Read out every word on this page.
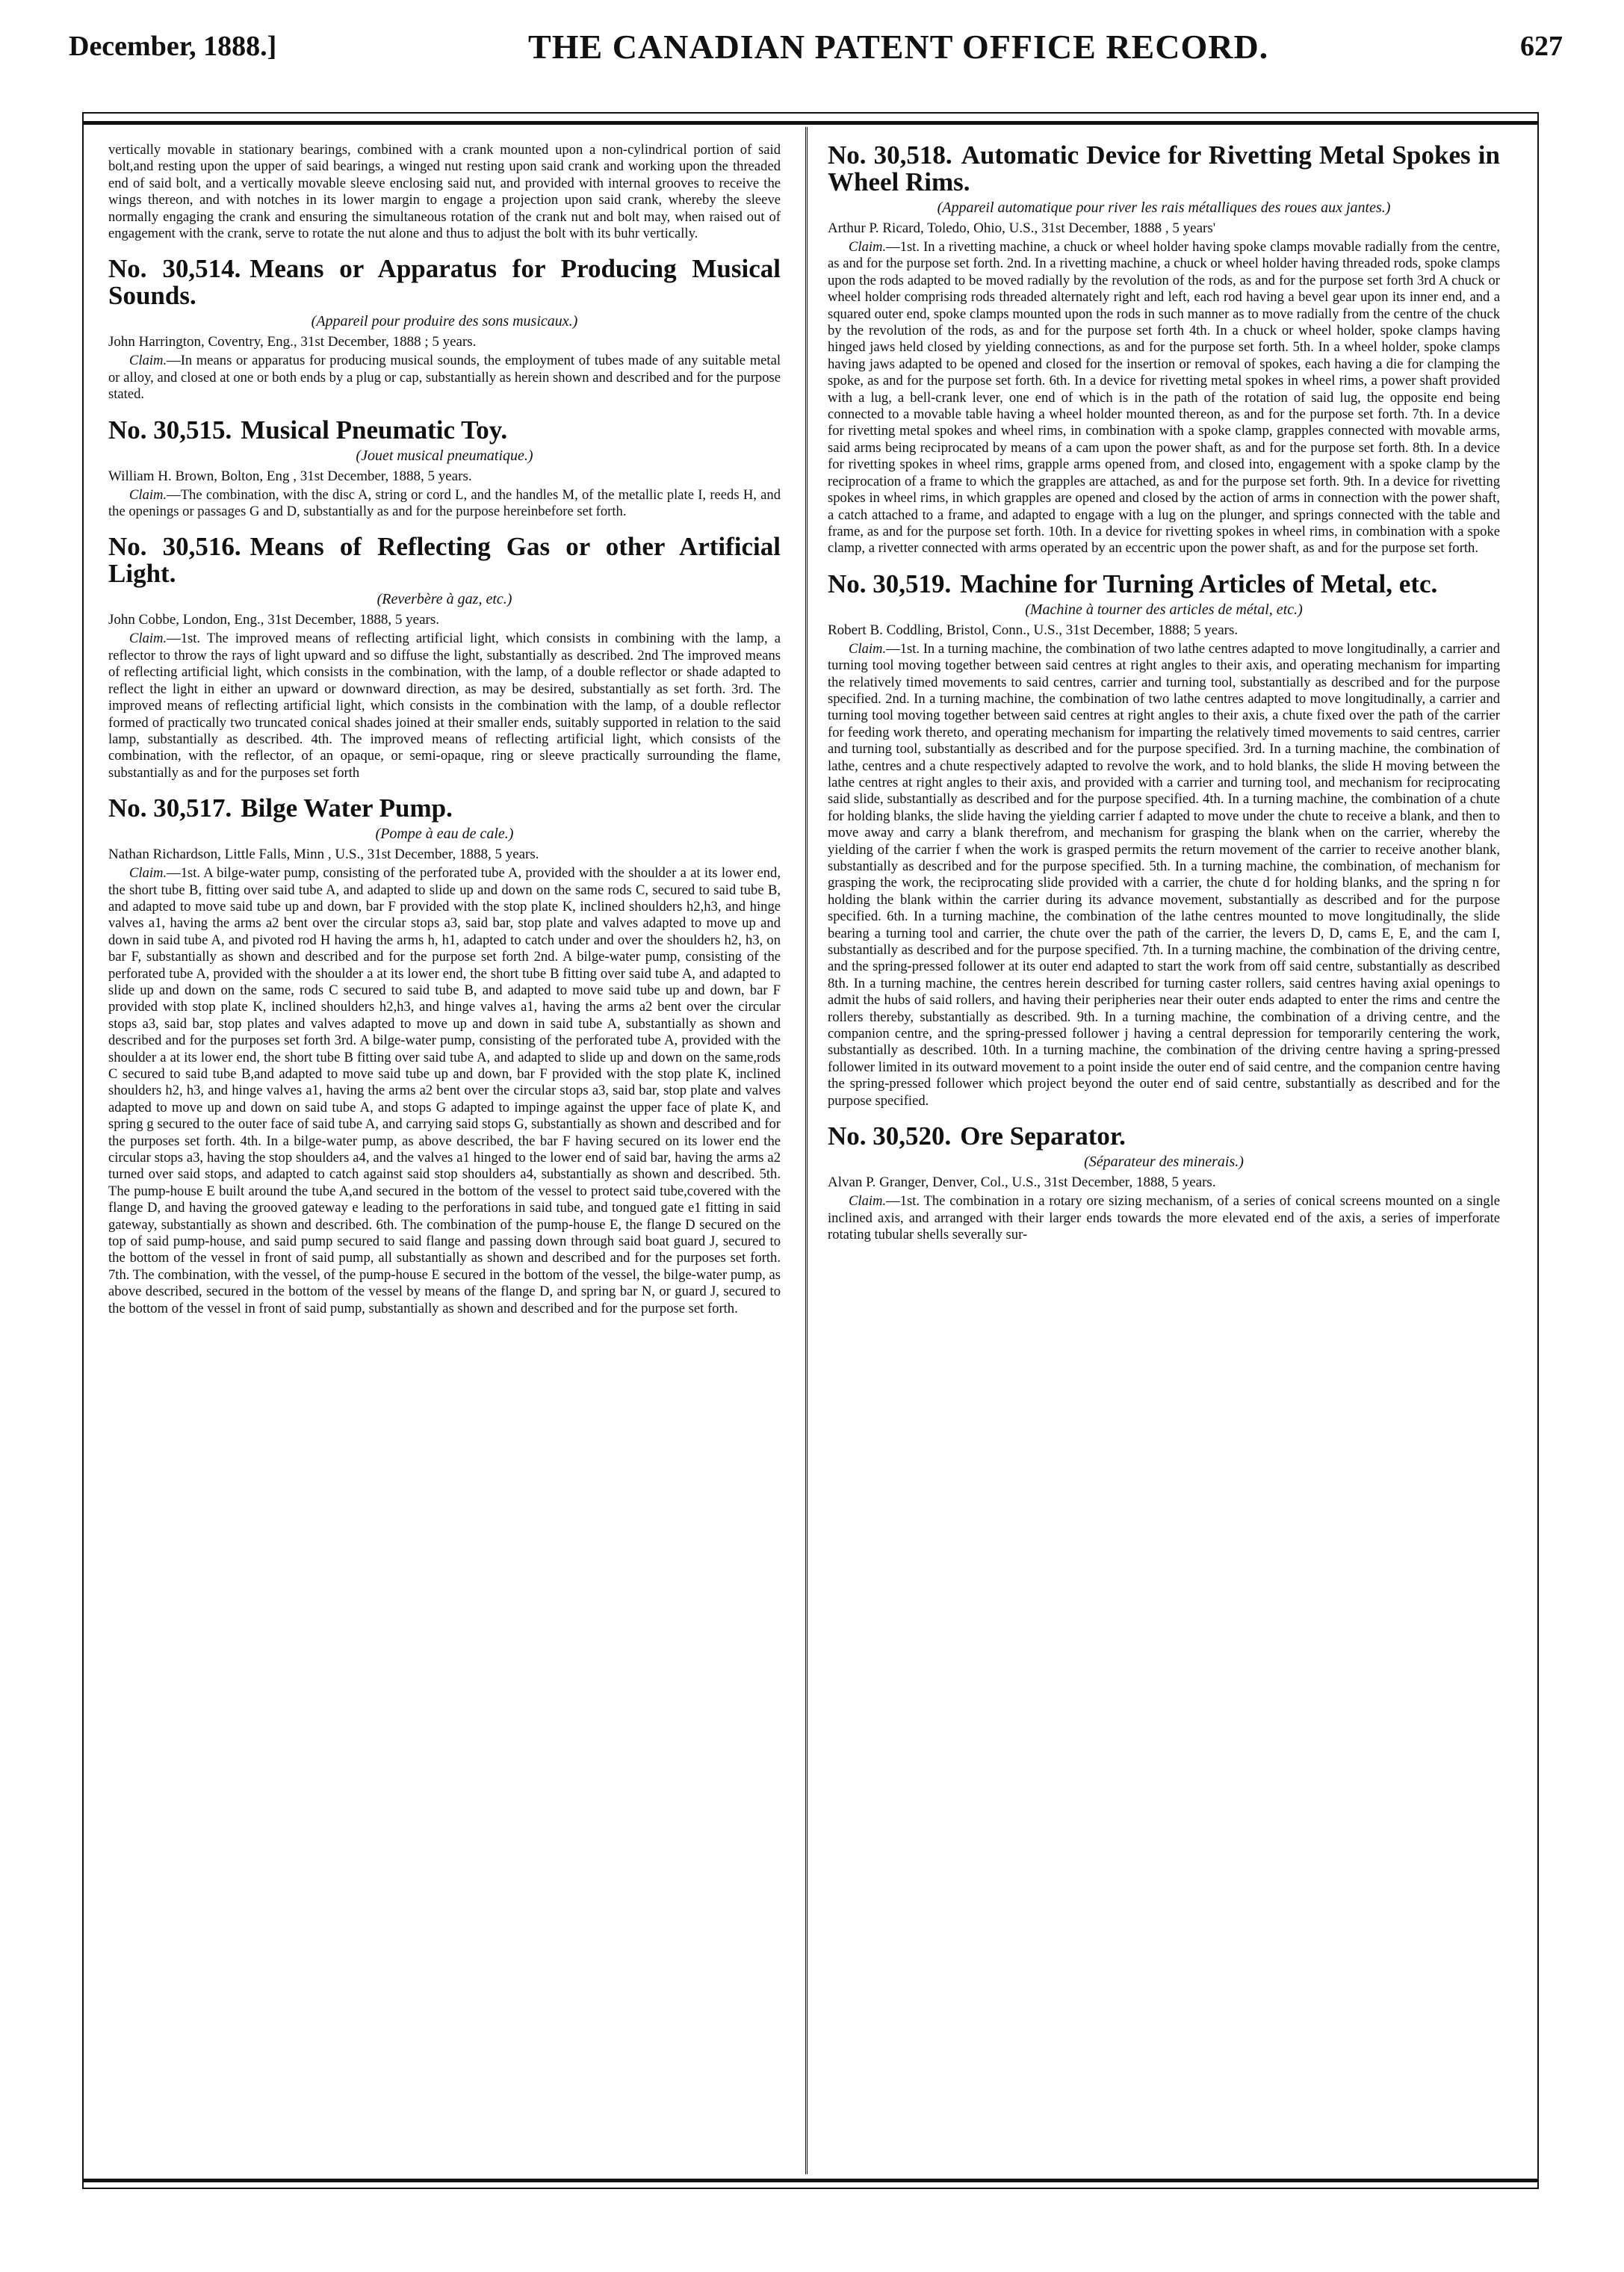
December, 1888.]	THE CANADIAN PATENT OFFICE RECORD.	627

vertically movable in stationary bearings, combined with a crank mounted upon a non-cylindrical portion of said bolt,and resting upon the upper of said bearings, a winged nut resting upon said crank and working upon the threaded end of said bolt, and a vertically movable sleeve enclosing said nut, and provided with internal grooves to receive the wings thereon, and with notches in its lower margin to engage a projection upon said crank, whereby the sleeve normally engaging the crank and ensuring the simultaneous rotation of the crank nut and bolt may, when raised out of engagement with the crank, serve to rotate the nut alone and thus to adjust the bolt with its buhr vertically.

No. 30,514. Means or Apparatus for Producing Musical Sounds.
(Appareil pour produire des sons musicaux.)
John Harrington, Coventry, Eng., 31st December, 1888 ; 5 years.

Claim.—In means or apparatus for producing musical sounds, the employment of tubes made of any suitable metal or alloy, and closed at one or both ends by a plug or cap, substantially as herein shown and described and for the purpose stated.

No. 30,515. Musical Pneumatic Toy.
(Jouet musical pneumatique.)
William H. Brown, Bolton, Eng , 31st December, 1888, 5 years.

Claim.—The combination, with the disc A, string or cord L, and the handles M, of the metallic plate I, reeds H, and the openings or passages G and D, substantially as and for the purpose hereinbefore set forth.

No. 30,516. Means of Reflecting Gas or other Artificial Light.
(Reverbère à gaz, etc.)
John Cobbe, London, Eng., 31st December, 1888, 5 years.

Claim.—1st. The improved means of reflecting artificial light, which consists in combining with the lamp, a reflector to throw the rays of light upward and so diffuse the light, substantially as described. 2nd The improved means of reflecting artificial light, which consists in the combination, with the lamp, of a double reflector or shade adapted to reflect the light in either an upward or downward direction, as may be desired, substantially as set forth. 3rd. The improved means of reflecting artificial light, which consists in the combination with the lamp, of a double reflector formed of practically two truncated conical shades joined at their smaller ends, suitably supported in relation to the said lamp, substantially as described. 4th. The improved means of reflecting artificial light, which consists of the combination, with the reflector, of an opaque, or semi-opaque, ring or sleeve practically surrounding the flame, substantially as and for the purposes set forth

No. 30,517. Bilge Water Pump.
(Pompe à eau de cale.)
Nathan Richardson, Little Falls, Minn , U.S., 31st December, 1888, 5 years.

Claim.—1st. A bilge-water pump, consisting of the perforated tube A, provided with the shoulder a at its lower end, the short tube B, fitting over said tube A, and adapted to slide up and down on the same rods C, secured to said tube B, and adapted to move said tube up and down, bar F provided with the stop plate K, inclined shoulders h2,h3, and hinge valves a1, having the arms a2 bent over the circular stops a3, said bar, stop plate and valves adapted to move up and down in said tube A, and pivoted rod H having the arms h, h1, adapted to catch under and over the shoulders h2, h3, on bar F, substantially as shown and described and for the purpose set forth 2nd. A bilge-water pump, consisting of the perforated tube A, provided with the shoulder a at its lower end, the short tube B fitting over said tube A, and adapted to slide up and down on the same, rods C secured to said tube B, and adapted to move said tube up and down, bar F provided with stop plate K, inclined shoulders h2,h3, and hinge valves a1, having the arms a2 bent over the circular stops a3, said bar, stop plates and valves adapted to move up and down in said tube A, substantially as shown and described and for the purposes set forth 3rd. A bilge-water pump, consisting of the perforated tube A, provided with the shoulder a at its lower end, the short tube B fitting over said tube A, and adapted to slide up and down on the same,rods C secured to said tube B,and adapted to move said tube up and down, bar F provided with the stop plate K, inclined shoulders h2, h3, and hinge valves a1, having the arms a2 bent over the circular stops a3, said bar, stop plate and valves adapted to move up and down on said tube A, and stops G adapted to impinge against the upper face of plate K, and spring g secured to the outer face of said tube A, and carrying said stops G, substantially as shown and described and for the purposes set forth. 4th. In a bilge-water pump, as above described, the bar F having secured on its lower end the circular stops a3, having the stop shoulders a4, and the valves a1 hinged to the lower end of said bar, having the arms a2 turned over said stops, and adapted to catch against said stop shoulders a4, substantially as shown and described. 5th. The pump-house E built around the tube A,and secured in the bottom of the vessel to protect said tube,covered with the flange D, and having the grooved gateway e leading to the perforations in said tube, and tongued gate e1 fitting in said gateway, substantially as shown and described. 6th. The combination of the pump-house E, the flange D secured on the top of said pump-house, and said pump secured to said flange and passing down through said boat guard J, secured to the bottom of the vessel in front of said pump, all substantially as shown and described and for the purposes set forth. 7th. The combination, with the vessel, of the pump-house E secured in the bottom of the vessel, the bilge-water pump, as above described, secured in the bottom of the vessel by means of the flange D, and spring bar N, or guard J, secured to the bottom of the vessel in front of said pump, substantially as shown and described and for the purpose set forth.

No. 30,518. Automatic Device for Rivetting Metal Spokes in Wheel Rims.
(Appareil automatique pour river les rais métalliques des roues aux jantes.)
Arthur P. Ricard, Toledo, Ohio, U.S., 31st December, 1888 , 5 years'

Claim.—1st. In a rivetting machine, a chuck or wheel holder having spoke clamps movable radially from the centre, as and for the purpose set forth. 2nd. In a rivetting machine, a chuck or wheel holder having threaded rods, spoke clamps upon the rods adapted to be moved radially by the revolution of the rods, as and for the purpose set forth 3rd A chuck or wheel holder comprising rods threaded alternately right and left, each rod having a bevel gear upon its inner end, and a squared outer end, spoke clamps mounted upon the rods in such manner as to move radially from the centre of the chuck by the revolution of the rods, as and for the purpose set forth 4th. In a chuck or wheel holder, spoke clamps having hinged jaws held closed by yielding connections, as and for the purpose set forth. 5th. In a wheel holder, spoke clamps having jaws adapted to be opened and closed for the insertion or removal of spokes, each having a die for clamping the spoke, as and for the purpose set forth. 6th. In a device for rivetting metal spokes in wheel rims, a power shaft provided with a lug, a bell-crank lever, one end of which is in the path of the rotation of said lug, the opposite end being connected to a movable table having a wheel holder mounted thereon, as and for the purpose set forth. 7th. In a device for rivetting metal spokes and wheel rims, in combination with a spoke clamp, grapples connected with movable arms, said arms being reciprocated by means of a cam upon the power shaft, as and for the purpose set forth. 8th. In a device for rivetting spokes in wheel rims, grapple arms opened from, and closed into, engagement with a spoke clamp by the reciprocation of a frame to which the grapples are attached, as and for the purpose set forth. 9th. In a device for rivetting spokes in wheel rims, in which grapples are opened and closed by the action of arms in connection with the power shaft, a catch attached to a frame, and adapted to engage with a lug on the plunger, and springs connected with the table and frame, as and for the purpose set forth. 10th. In a device for rivetting spokes in wheel rims, in combination with a spoke clamp, a rivetter connected with arms operated by an eccentric upon the power shaft, as and for the purpose set forth.

No. 30,519. Machine for Turning Articles of Metal, etc.
(Machine à tourner des articles de métal, etc.)
Robert B. Coddling, Bristol, Conn., U.S., 31st December, 1888; 5 years.

Claim.—1st. In a turning machine, the combination of two lathe centres adapted to move longitudinally, a carrier and turning tool moving together between said centres at right angles to their axis, and operating mechanism for imparting the relatively timed movements to said centres, carrier and turning tool, substantially as described and for the purpose specified. 2nd. In a turning machine, the combination of two lathe centres adapted to move longitudinally, a carrier and turning tool moving together between said centres at right angles to their axis, a chute fixed over the path of the carrier for feeding work thereto, and operating mechanism for imparting the relatively timed movements to said centres, carrier and turning tool, substantially as described and for the purpose specified. 3rd. In a turning machine, the combination of lathe, centres and a chute respectively adapted to revolve the work, and to hold blanks, the slide H moving between the lathe centres at right angles to their axis, and provided with a carrier and turning tool, and mechanism for reciprocating said slide, substantially as described and for the purpose specified. 4th. In a turning machine, the combination of a chute for holding blanks, the slide having the yielding carrier f adapted to move under the chute to receive a blank, and then to move away and carry a blank therefrom, and mechanism for grasping the blank when on the carrier, whereby the yielding of the carrier f when the work is grasped permits the return movement of the carrier to receive another blank, substantially as described and for the purpose specified. 5th. In a turning machine, the combination, of mechanism for grasping the work, the reciprocating slide provided with a carrier, the chute d for holding blanks, and the spring n for holding the blank within the carrier during its advance movement, substantially as described and for the purpose specified. 6th. In a turning machine, the combination of the lathe centres mounted to move longitudinally, the slide bearing a turning tool and carrier, the chute over the path of the carrier, the levers D, D, cams E, E, and the cam I, substantially as described and for the purpose specified. 7th. In a turning machine, the combination of the driving centre, and the spring-pressed follower at its outer end adapted to start the work from off said centre, substantially as described 8th. In a turning machine, the centres herein described for turning caster rollers, said centres having axial openings to admit the hubs of said rollers, and having their peripheries near their outer ends adapted to enter the rims and centre the rollers thereby, substantially as described. 9th. In a turning machine, the combination of a driving centre, and the companion centre, and the spring-pressed follower j having a central depression for temporarily centering the work, substantially as described. 10th. In a turning machine, the combination of the driving centre having a spring-pressed follower limited in its outward movement to a point inside the outer end of said centre, and the companion centre having the spring-pressed follower which project beyond the outer end of said centre, substantially as described and for the purpose specified.

No. 30,520. Ore Separator.
(Séparateur des minerais.)
Alvan P. Granger, Denver, Col., U.S., 31st December, 1888, 5 years.

Claim.—1st. The combination in a rotary ore sizing mechanism, of a series of conical screens mounted on a single inclined axis, and arranged with their larger ends towards the more elevated end of the axis, a series of imperforate rotating tubular shells severally sur-
